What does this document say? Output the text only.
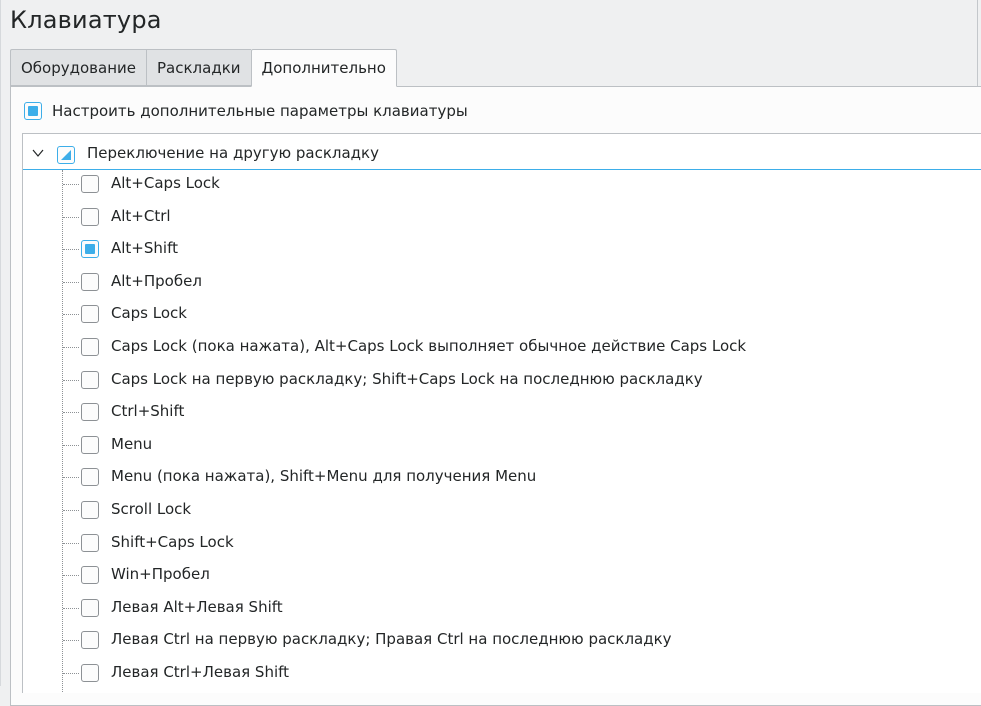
Клавиатура
Оборудование Раскладки Дополнительно
Настроить дополнительные параметры клавиатуры
Переключение на другую раскладку
Alt+Caps Lock
Alt+Ctrl
Alt+Shift
Alt+Пробел
Caps Lock
Caps Lock (пока нажата), Alt+Caps Lock выполняет обычное действие Caps Lock
Caps Lock на первую раскладку; Shift+Caps Lock на последнюю раскладку
Ctrl+Shift
Menu
Menu (пока нажата), Shift+Menu для получения Menu
Scroll Lock
Shift+Caps Lock
Win+Пробел
Левая Alt+Левая Shift
Левая Ctrl на первую раскладку; Правая Ctrl на последнюю раскладку
Левая Ctrl+Левая Shift
